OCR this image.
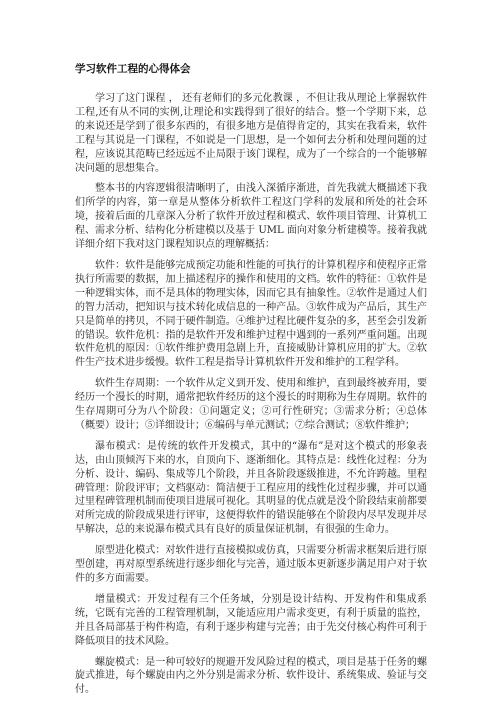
学习软件工程的心得体会

学习了这门课程 ， 还有老师们的多元化教课 ，不但让我从理论上掌握软件工程,还有从不同的实例,让理论和实践得到了很好的结合。整一个学期下来，总的来说还是学到了很多东西的，有很多地方是值得肯定的，其实在我看来，软件工程与其说是一门课程，不如说是一门思想，是一个如何去分析和处理问题的过程，应该说其范畴已经远远不止局限于该门课程，成为了一个综合的一个能够解决问题的思想集合。

整本书的内容逻辑很清晰明了，由浅入深循序渐进，首先我就大概描述下我们所学的内容，第一章是从整体分析软件工程这门学科的发展和所处的社会环境，接着后面的几章深入分析了软件开放过程和模式、软件项目管理、计算机工程、需求分析、结构化分析建模以及基于 UML 面向对象分析建模等。接着我就详细介绍下我对这门课程知识点的理解概括：

软件：软件是能够完成预定功能和性能的可执行的计算机程序和使程序正常执行所需要的数据，加上描述程序的操作和使用的文档。软件的特征：①软件是一种逻辑实体，而不是具体的物理实体，因而它具有抽象性。②软件是通过人们的智力活动，把知识与技术转化成信息的一种产品。③软件成为产品后，其生产只是简单的拷贝，不同于硬件制造。④维护过程比硬件复杂的多，甚至会引发新的错误。软件危机：指的是软件开发和维护过程中遇到的一系列严重问题。出现软件危机的原因：①软件维护费用急剧上升，直接威胁计算机应用的扩大。②软件生产技术进步缓慢。软件工程是指导计算机软件开发和维护的工程学科。

软件生存周期：一个软件从定义到开发、使用和维护，直到最终被弃用，要经历一个漫长的时期，通常把软件经历的这个漫长的时期称为生存周期。软件的生存周期可分为八个阶段：①问题定义；②可行性研究；③需求分析；④总体（概要）设计；⑤详细设计；⑥编码与单元测试；⑦综合测试；⑧软件维护；

瀑布模式：是传统的软件开发模式，其中的“瀑布”是对这个模式的形象表达，由山顶倾泻下来的水，自顶向下、逐渐细化。其特点是：线性化过程：分为分析、设计、编码、集成等几个阶段，并且各阶段逐级推进，不允许跨越。里程碑管理：阶段评审；文档驱动：简洁便于工程应用的线性化过程步骤，并可以通过里程碑管理机制而使项目进展可视化。其明显的优点就是没个阶段结束前都要对所完成的阶段成果进行评审，这便得软件的错误能够在个阶段内尽早发现并尽早解决，总的来说瀑布模式具有良好的质量保证机制，有很强的生命力。

原型进化模式：对软件进行直接模拟或仿真，只需要分析需求框架后进行原型创建，再对原型系统进行逐步细化与完善，通过版本更新逐步满足用户对于软件的多方面需要。

增量模式：开发过程有三个任务域，分别是设计结构、开发构件和集成系统，它既有完善的工程管理机制，又能适应用户需求变更，有利于质量的监控，并且各局部基于构件构造，有利于逐步构建与完善；由于先交付核心构件可利于降低项目的技术风险。

螺旋模式：是一种可较好的规避开发风险过程的模式，项目是基于任务的螺旋式推进，每个螺旋由内之外分别是需求分析、软件设计、系统集成、验证与交付。
